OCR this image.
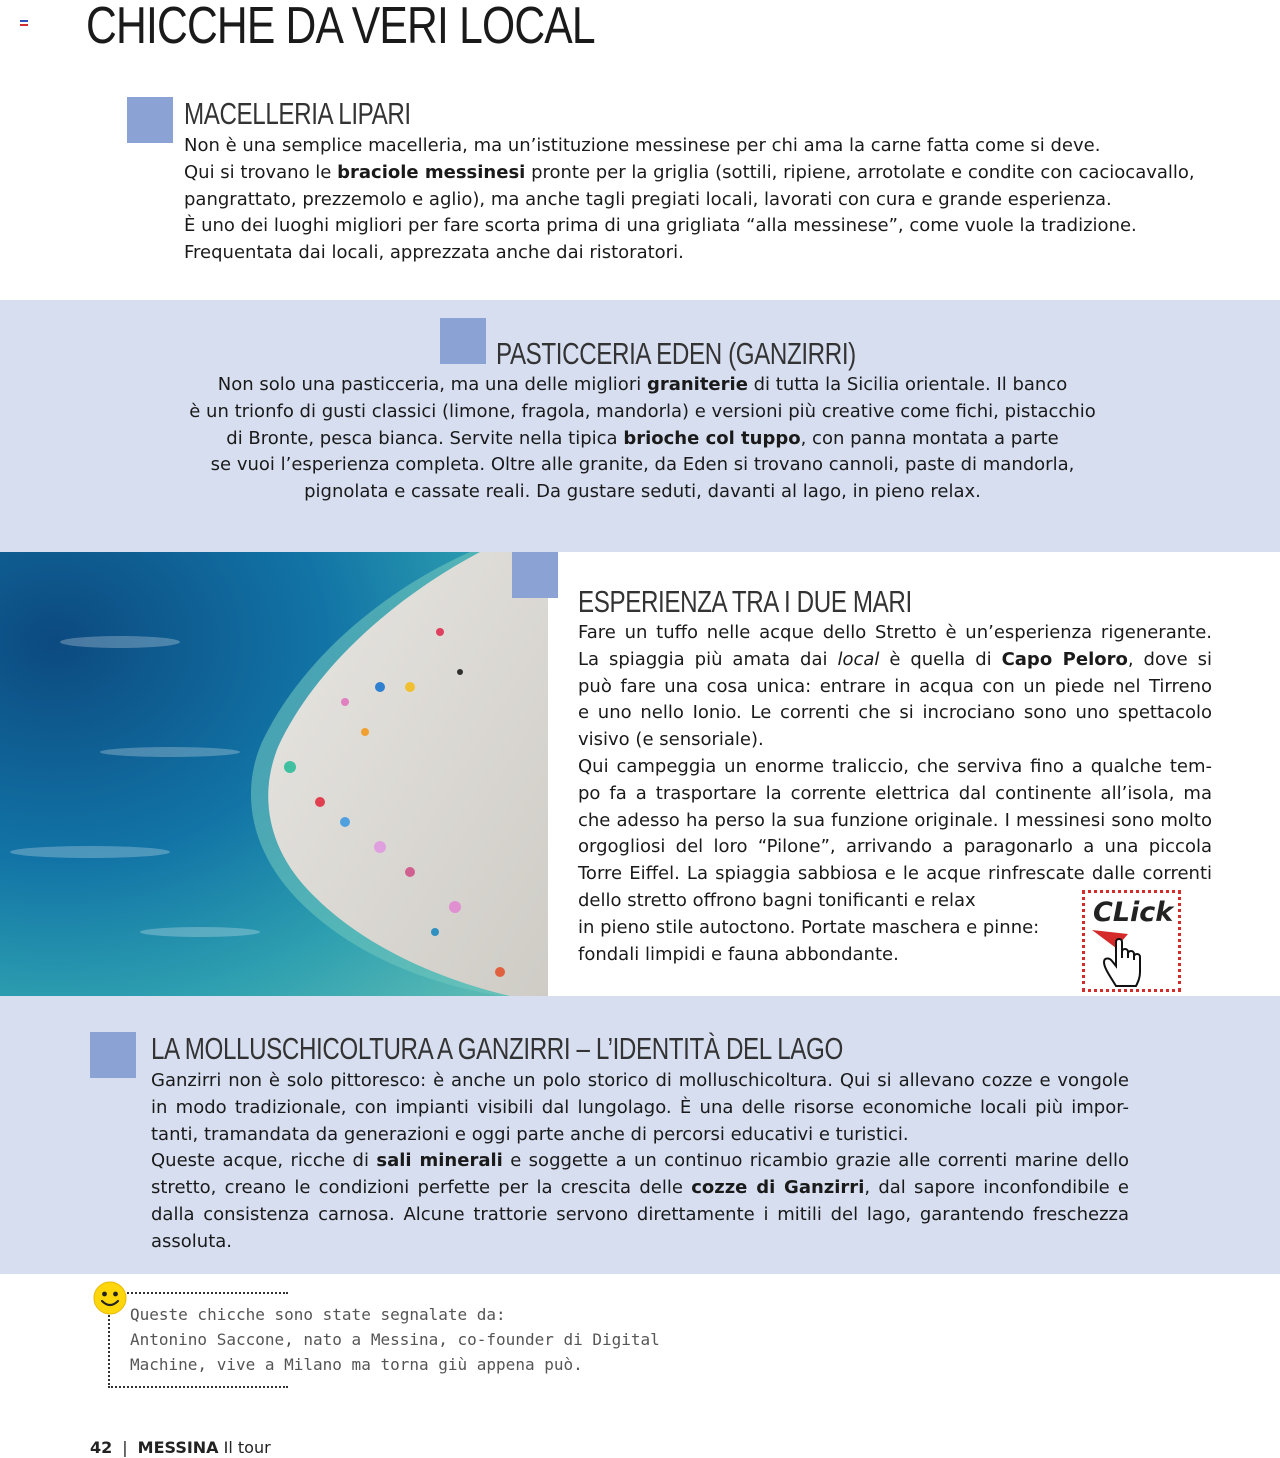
CHICCHE DA VERI LOCAL
MACELLERIA LIPARI
Non è una semplice macelleria, ma un’istituzione messinese per chi ama la carne fatta come si deve.
Qui si trovano le braciole messinesi pronte per la griglia (sottili, ripiene, arrotolate e condite con caciocavallo,
pangrattato, prezzemolo e aglio), ma anche tagli pregiati locali, lavorati con cura e grande esperienza.
È uno dei luoghi migliori per fare scorta prima di una grigliata “alla messinese”, come vuole la tradizione.
Frequentata dai locali, apprezzata anche dai ristoratori.
PASTICCERIA EDEN (GANZIRRI)
Non solo una pasticceria, ma una delle migliori graniterie di tutta la Sicilia orientale. Il banco
è un trionfo di gusti classici (limone, fragola, mandorla) e versioni più creative come fichi, pistacchio
di Bronte, pesca bianca. Servite nella tipica brioche col tuppo, con panna montata a parte
se vuoi l’esperienza completa. Oltre alle granite, da Eden si trovano cannoli, paste di mandorla,
pignolata e cassate reali. Da gustare seduti, davanti al lago, in pieno relax.
ESPERIENZA TRA I DUE MARI
Fare un tuffo nelle acque dello Stretto è un’esperienza rigenerante.
La spiaggia più amata dai local è quella di Capo Peloro, dove si
può fare una cosa unica: entrare in acqua con un piede nel Tirreno
e uno nello Ionio. Le correnti che si incrociano sono uno spettacolo
visivo (e sensoriale).
Qui campeggia un enorme traliccio, che serviva fino a qualche tem-
po fa a trasportare la corrente elettrica dal continente all’isola, ma
che adesso ha perso la sua funzione originale. I messinesi sono molto
orgogliosi del loro “Pilone”, arrivando a paragonarlo a una piccola
Torre Eiffel. La spiaggia sabbiosa e le acque rinfrescate dalle correnti
dello stretto offrono bagni tonificanti e relax
in pieno stile autoctono. Portate maschera e pinne:
fondali limpidi e fauna abbondante.
CLick
LA MOLLUSCHICOLTURA A GANZIRRI – L’IDENTITÀ DEL LAGO
Ganzirri non è solo pittoresco: è anche un polo storico di molluschicoltura. Qui si allevano cozze e vongole
in modo tradizionale, con impianti visibili dal lungolago. È una delle risorse economiche locali più impor-
tanti, tramandata da generazioni e oggi parte anche di percorsi educativi e turistici.
Queste acque, ricche di sali minerali e soggette a un continuo ricambio grazie alle correnti marine dello
stretto, creano le condizioni perfette per la crescita delle cozze di Ganzirri, dal sapore inconfondibile e
dalla consistenza carnosa. Alcune trattorie servono direttamente i mitili del lago, garantendo freschezza
assoluta.
Queste chicche sono state segnalate da:
Antonino Saccone, nato a Messina, co-founder di Digital
Machine, vive a Milano ma torna giù appena può.
42 | MESSINA Il tour
